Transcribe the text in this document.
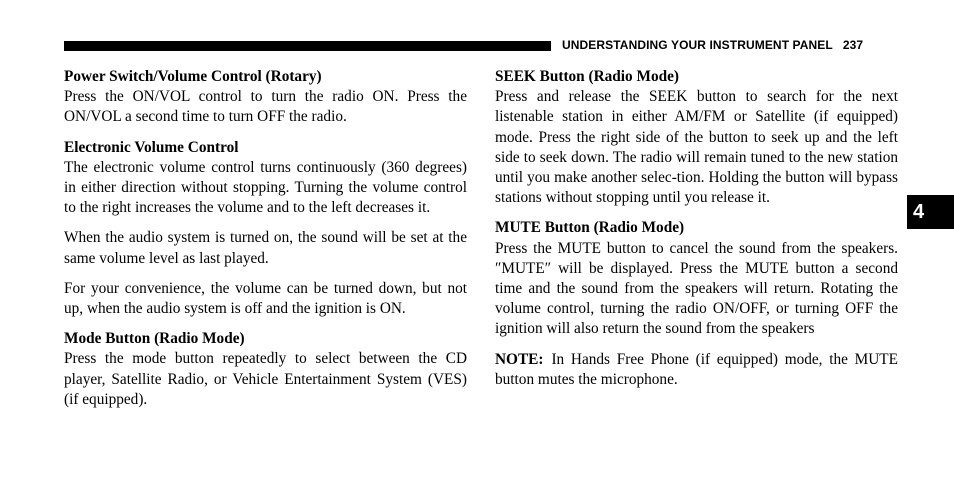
UNDERSTANDING YOUR INSTRUMENT PANEL 237

Power Switch/Volume Control (Rotary)

Press the ON/VOL control to turn the radio ON. Press the ON/VOL a second time to turn OFF the radio.

Electronic Volume Control

The electronic volume control turns continuously (360 degrees) in either direction without stopping. Turning the volume control to the right increases the volume and to the left decreases it.

When the audio system is turned on, the sound will be set at the same volume level as last played.

For your convenience, the volume can be turned down, but not up, when the audio system is off and the ignition is ON.

Mode Button (Radio Mode)

Press the mode button repeatedly to select between the CD player, Satellite Radio, or Vehicle Entertainment System (VES) (if equipped).

SEEK Button (Radio Mode)

Press and release the SEEK button to search for the next listenable station in either AM/FM or Satellite (if equipped) mode. Press the right side of the button to seek up and the left side to seek down. The radio will remain tuned to the new station until you make another selec-tion. Holding the button will bypass stations without stopping until you release it.

MUTE Button (Radio Mode)

Press the MUTE button to cancel the sound from the speakers. ″MUTE″ will be displayed. Press the MUTE button a second time and the sound from the speakers will return. Rotating the volume control, turning the radio ON/OFF, or turning OFF the ignition will also return the sound from the speakers

NOTE: In Hands Free Phone (if equipped) mode, the MUTE button mutes the microphone.

4
